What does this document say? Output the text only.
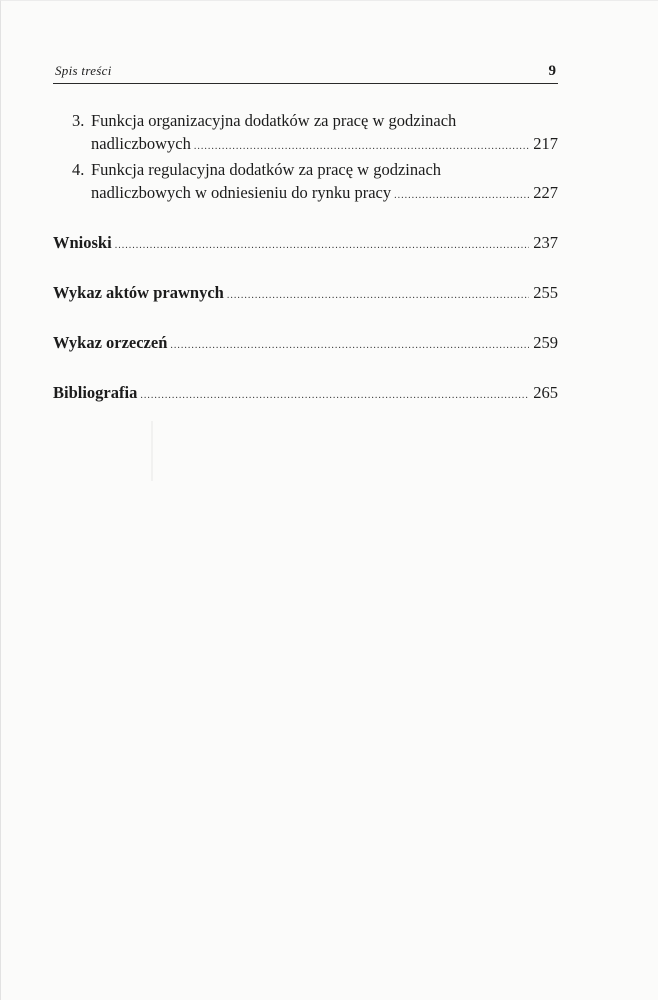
Spis treści	9
3. Funkcja organizacyjna dodatków za pracę w godzinach
nadliczbowych .....	217
4. Funkcja regulacyjna dodatków za pracę w godzinach
nadliczbowych w odniesieniu do rynku pracy .....	227
Wnioski .....	237
Wykaz aktów prawnych .....	255
Wykaz orzeczeń .....	259
Bibliografia .....	265
